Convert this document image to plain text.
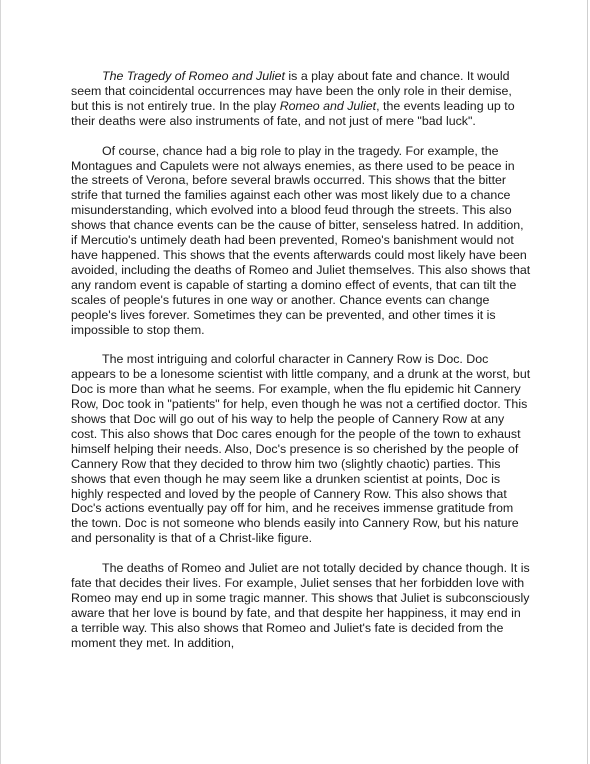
The Tragedy of Romeo and Juliet is a play about fate and chance. It would seem that coincidental occurrences may have been the only role in their demise, but this is not entirely true. In the play Romeo and Juliet, the events leading up to their deaths were also instruments of fate, and not just of mere "bad luck".

Of course, chance had a big role to play in the tragedy. For example, the Montagues and Capulets were not always enemies, as there used to be peace in the streets of Verona, before several brawls occurred. This shows that the bitter strife that turned the families against each other was most likely due to a chance misunderstanding, which evolved into a blood feud through the streets. This also shows that chance events can be the cause of bitter, senseless hatred. In addition, if Mercutio's untimely death had been prevented, Romeo's banishment would not have happened. This shows that the events afterwards could most likely have been avoided, including the deaths of Romeo and Juliet themselves. This also shows that any random event is capable of starting a domino effect of events, that can tilt the scales of people's futures in one way or another. Chance events can change people's lives forever. Sometimes they can be prevented, and other times it is impossible to stop them.

The most intriguing and colorful character in Cannery Row is Doc. Doc appears to be a lonesome scientist with little company, and a drunk at the worst, but Doc is more than what he seems. For example, when the flu epidemic hit Cannery Row, Doc took in "patients" for help, even though he was not a certified doctor. This shows that Doc will go out of his way to help the people of Cannery Row at any cost. This also shows that Doc cares enough for the people of the town to exhaust himself helping their needs. Also, Doc's presence is so cherished by the people of Cannery Row that they decided to throw him two (slightly chaotic) parties. This shows that even though he may seem like a drunken scientist at points, Doc is highly respected and loved by the people of Cannery Row. This also shows that Doc's actions eventually pay off for him, and he receives immense gratitude from the town. Doc is not someone who blends easily into Cannery Row, but his nature and personality is that of a Christ-like figure.

The deaths of Romeo and Juliet are not totally decided by chance though. It is fate that decides their lives. For example, Juliet senses that her forbidden love with Romeo may end up in some tragic manner. This shows that Juliet is subconsciously aware that her love is bound by fate, and that despite her happiness, it may end in a terrible way. This also shows that Romeo and Juliet's fate is decided from the moment they met. In addition,
